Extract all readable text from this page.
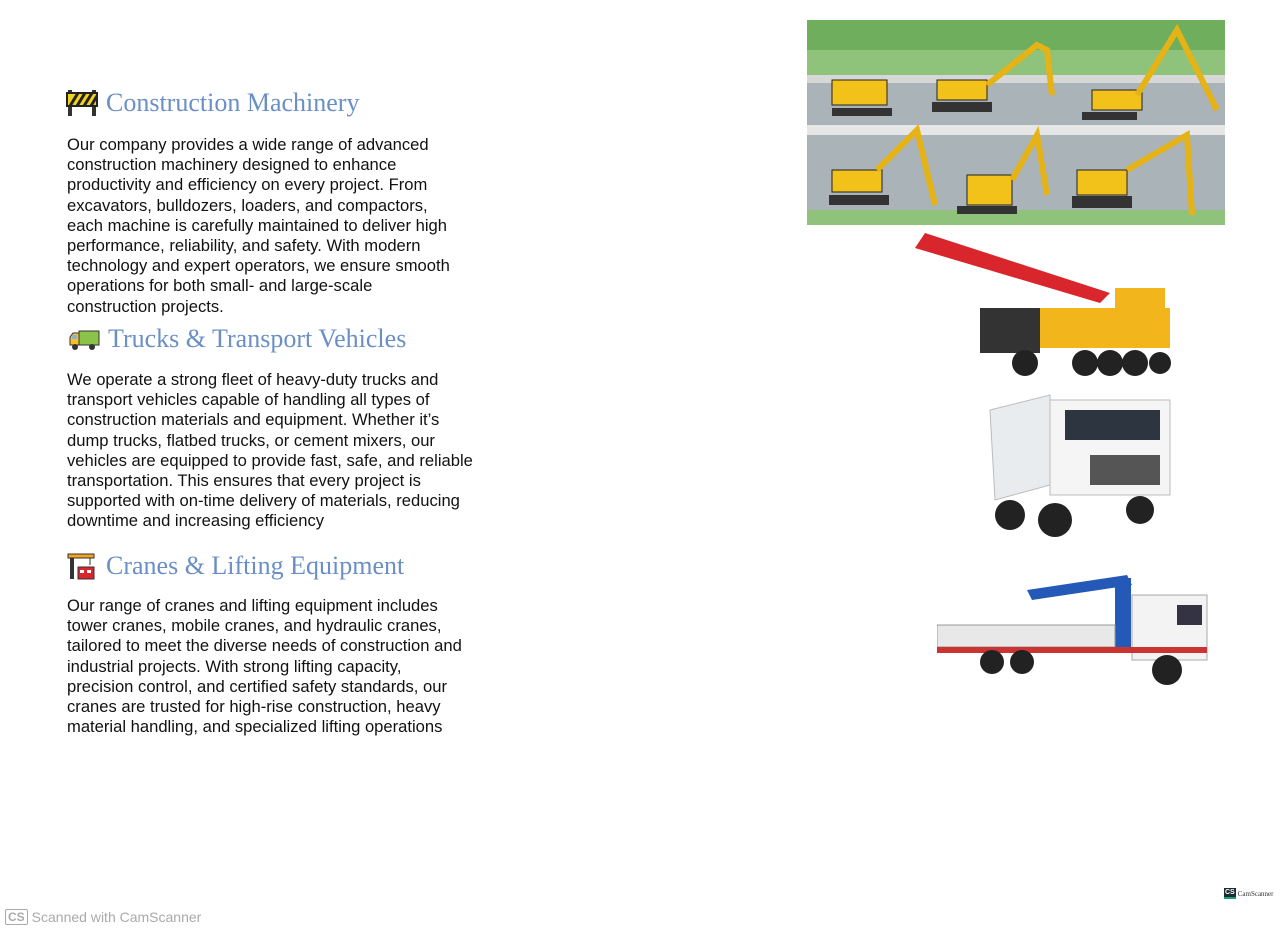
Construction Machinery
Our company provides a wide range of advanced
construction machinery designed to enhance
productivity and efficiency on every project. From
excavators, bulldozers, loaders, and compactors,
each machine is carefully maintained to deliver high
performance, reliability, and safety. With modern
technology and expert operators, we ensure smooth
operations for both small- and large-scale
construction projects.
Trucks & Transport Vehicles
We operate a strong fleet of heavy-duty trucks and
transport vehicles capable of handling all types of
construction materials and equipment. Whether it’s
dump trucks, flatbed trucks, or cement mixers, our
vehicles are equipped to provide fast, safe, and reliable
transportation. This ensures that every project is
supported with on-time delivery of materials, reducing
downtime and increasing efficiency
Cranes & Lifting Equipment
Our range of cranes and lifting equipment includes
tower cranes, mobile cranes, and hydraulic cranes,
tailored to meet the diverse needs of construction and
industrial projects. With strong lifting capacity,
precision control, and certified safety standards, our
cranes are trusted for high-rise construction, heavy
material handling, and specialized lifting operations
CS CamScanner
CS Scanned with CamScanner
